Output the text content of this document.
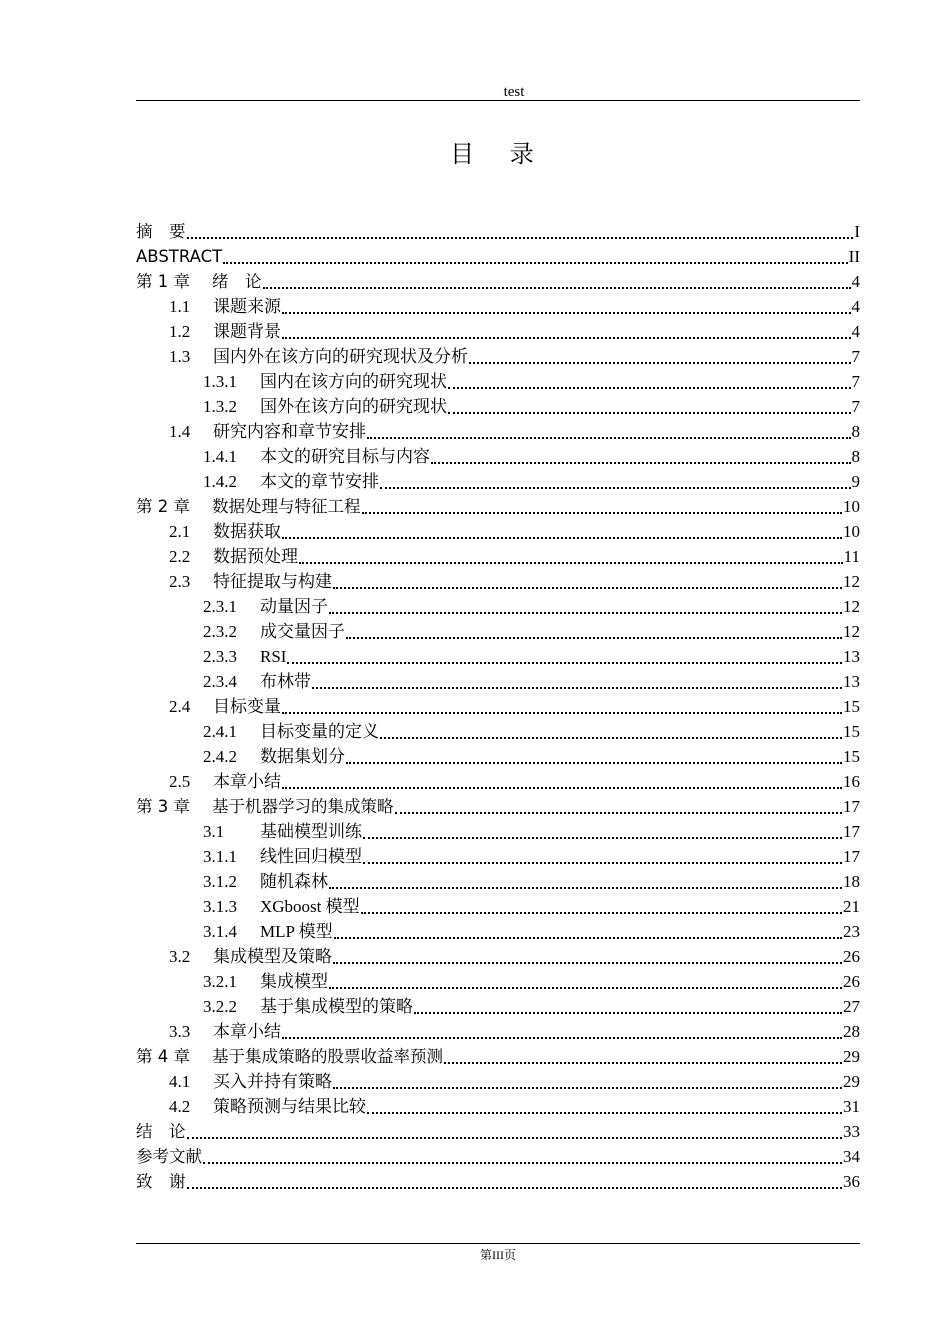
test
目 录
摘　要	I
ABSTRACT	II
第 1 章	绪　论	4
1.1	课题来源	4
1.2	课题背景	4
1.3	国内外在该方向的研究现状及分析	7
1.3.1	国内在该方向的研究现状	7
1.3.2	国外在该方向的研究现状	7
1.4	研究内容和章节安排	8
1.4.1	本文的研究目标与内容	8
1.4.2	本文的章节安排	9
第 2 章	数据处理与特征工程	10
2.1	数据获取	10
2.2	数据预处理	11
2.3	特征提取与构建	12
2.3.1	动量因子	12
2.3.2	成交量因子	12
2.3.3	RSI	13
2.3.4	布林带	13
2.4	目标变量	15
2.4.1	目标变量的定义	15
2.4.2	数据集划分	15
2.5	本章小结	16
第 3 章	基于机器学习的集成策略	17
3.1	基础模型训练	17
3.1.1	线性回归模型	17
3.1.2	随机森林	18
3.1.3	XGboost 模型	21
3.1.4	MLP 模型	23
3.2	集成模型及策略	26
3.2.1	集成模型	26
3.2.2	基于集成模型的策略	27
3.3	本章小结	28
第 4 章	基于集成策略的股票收益率预测	29
4.1	买入并持有策略	29
4.2	策略预测与结果比较	31
结　论	33
参考文献	34
致　谢	36
第III页
